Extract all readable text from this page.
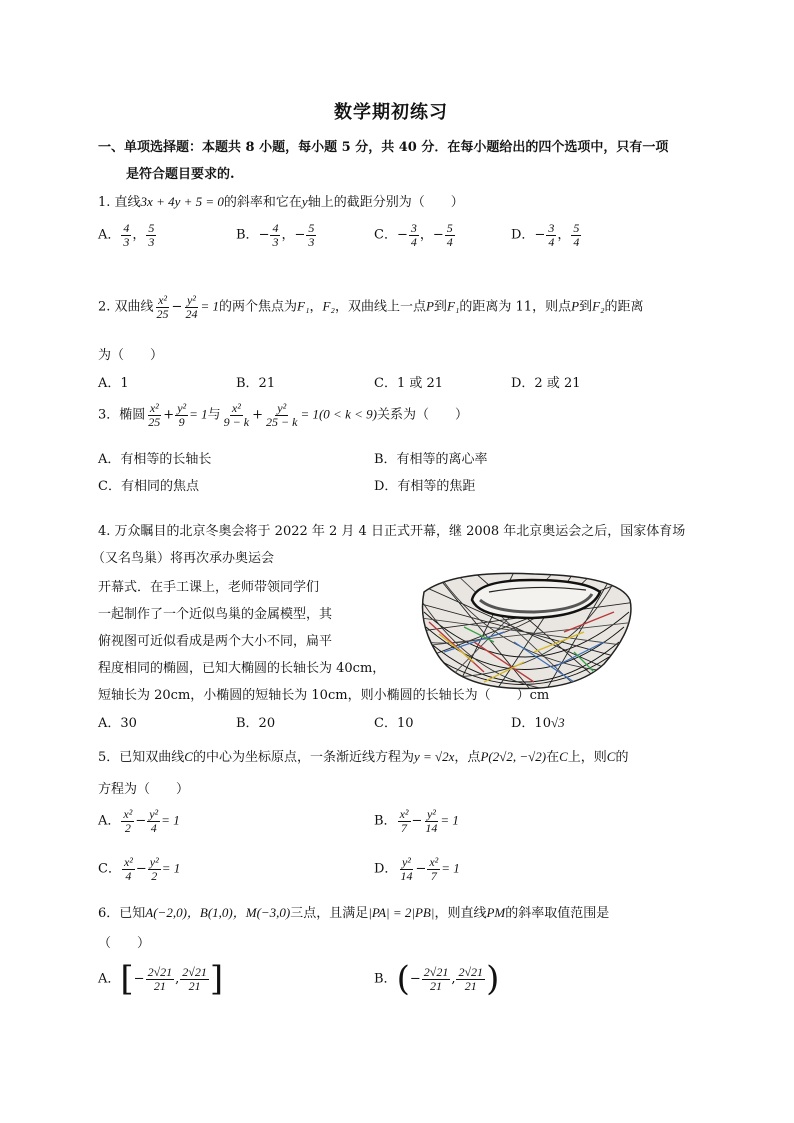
数学期初练习
一、单项选择题：本题共 8 小题，每小题 5 分，共 40 分．在每小题给出的四个选项中，只有一项
是符合题目要求的.
1. 直线3x + 4y + 5 = 0的斜率和它在y轴上的截距分别为（　　）
A． $\frac{4}{3}$ ， $\frac{5}{3}$	B．− $\frac{4}{3}$ ，− $\frac{5}{3}$	C．− $\frac{3}{4}$ ，− $\frac{5}{4}$	D．− $\frac{3}{4}$ ， $\frac{5}{4}$
2. 双曲线 $\frac{\text{x²}}{25} - \frac{\text{y²}}{24} = 1$的两个焦点为F₁，F₂，双曲线上一点P到F₁的距离为 11，则点P到F₂的距离
为（　　）
A．1	B．21	C．1 或 21	D．2 或 21
3．椭圆 $\frac{\text{x²}}{25} + \frac{\text{y²}}{9} = 1$与 $\frac{\text{x²}}{9 - k} + \frac{\text{y²}}{25 - k} = 1(0 < k < 9)$关系为（　　）
A．有相等的长轴长	B．有相等的离心率
C．有相同的焦点	D．有相等的焦距
4. 万众瞩目的北京冬奥会将于 2022 年 2 月 4 日正式开幕，继 2008 年北京奥运会之后，国家体育场
（又名鸟巢）将再次承办奥运会
开幕式．在手工课上，老师带领同学们
一起制作了一个近似鸟巢的金属模型，其
俯视图可近似看成是两个大小不同，扁平
程度相同的椭圆，已知大椭圆的长轴长为 40cm，
短轴长为 20cm，小椭圆的短轴长为 10cm，则小椭圆的长轴长为（　　）cm
A．30	B．20	C．10	D．10√3
5．已知双曲线C的中心为坐标原点，一条渐近线方程为y = √2x，点P(2√2, −√2)在C上，则C的
方程为（　　）
A． $\frac{\text{x²}}{2} - \frac{\text{y²}}{4} = 1$	B． $\frac{\text{x²}}{7} - \frac{\text{y²}}{14} = 1$
C． $\frac{\text{x²}}{4} - \frac{\text{y²}}{2} = 1$	D． $\frac{\text{y²}}{14} - \frac{\text{x²}}{7} = 1$
6．已知A(−2,0)，B(1,0)，M(−3,0)三点，且满足|PA| = 2|PB|，则直线PM的斜率取值范围是
（　　）
A．[− $\frac{2√21}{21}$ , $\frac{2√21}{21}$ ]	B．(− $\frac{2√21}{21}$ , $\frac{2√21}{21}$ )
